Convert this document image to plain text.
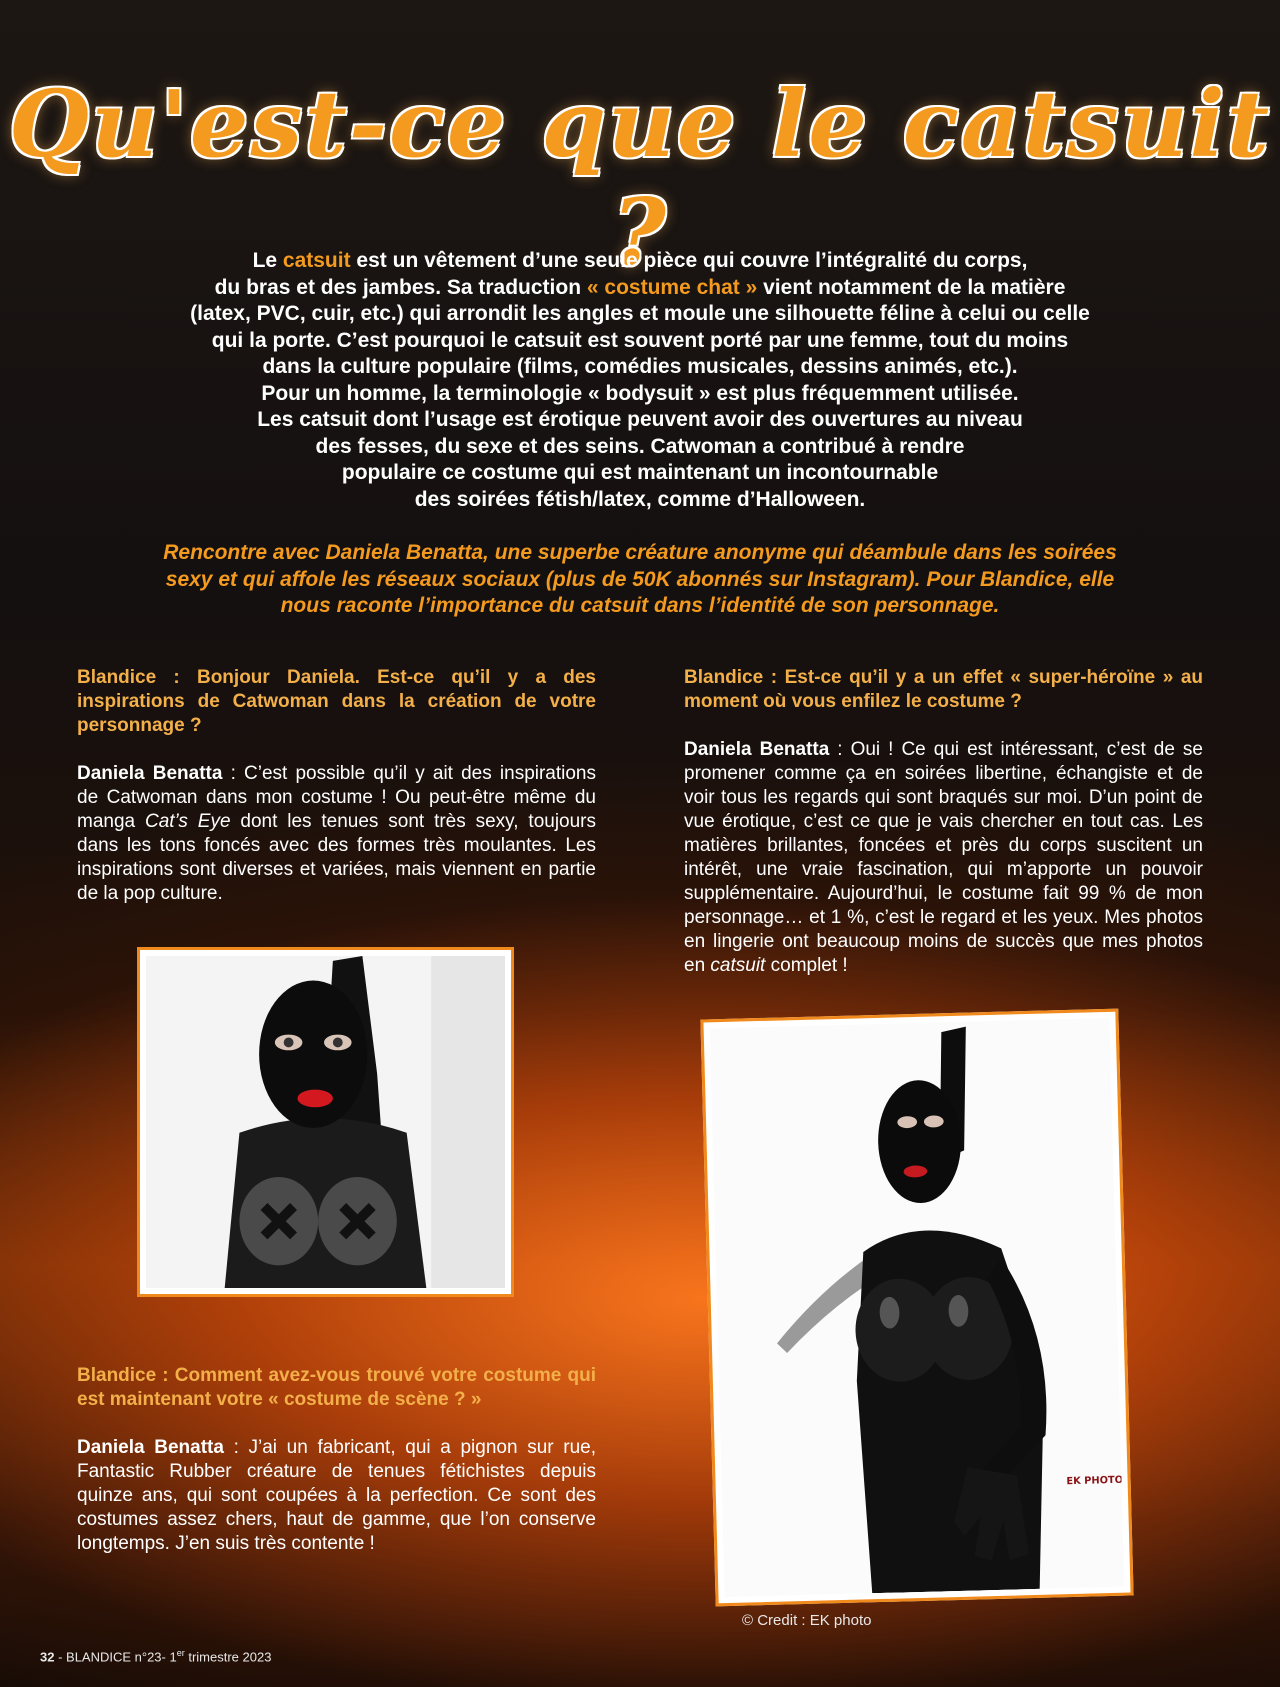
Qu'est-ce que le catsuit ?

Le catsuit est un vêtement d’une seule pièce qui couvre l’intégralité du corps,

du bras et des jambes. Sa traduction « costume chat » vient notamment de la matière

(latex, PVC, cuir, etc.) qui arrondit les angles et moule une silhouette féline à celui ou celle

qui la porte. C’est pourquoi le catsuit est souvent porté par une femme, tout du moins

dans la culture populaire (films, comédies musicales, dessins animés, etc.).

Pour un homme, la terminologie « bodysuit » est plus fréquemment utilisée.

Les catsuit dont l’usage est érotique peuvent avoir des ouvertures au niveau

des fesses, du sexe et des seins. Catwoman a contribué à rendre

populaire ce costume qui est maintenant un incontournable

des soirées fétish/latex, comme d’Halloween.

Rencontre avec Daniela Benatta, une superbe créature anonyme qui déambule dans les soirées
sexy et qui affole les réseaux sociaux (plus de 50K abonnés sur Instagram). Pour Blandice, elle
nous raconte l’importance du catsuit dans l’identité de son personnage.

Blandice : Bonjour Daniela. Est-ce qu’il y a des inspirations de Catwoman dans la création de votre personnage ?

Daniela Benatta : C’est possible qu’il y ait des inspirations de Catwoman dans mon costume ! Ou peut-être même du manga Cat’s Eye dont les tenues sont très sexy, toujours dans les tons foncés avec des formes très moulantes. Les inspirations sont diverses et variées, mais viennent en partie de la pop culture.

Blandice : Comment avez-vous trouvé votre costume qui est maintenant votre « costume de scène ? »

Daniela Benatta : J’ai un fabricant, qui a pignon sur rue, Fantastic Rubber créature de tenues fétichistes depuis quinze ans, qui sont coupées à la perfection. Ce sont des costumes assez chers, haut de gamme, que l’on conserve longtemps. J’en suis très contente !

Blandice : Est-ce qu’il y a un effet « super-héroïne » au moment où vous enfilez le costume ?

Daniela Benatta : Oui ! Ce qui est intéressant, c’est de se promener comme ça en soirées libertine, échangiste et de voir tous les regards qui sont braqués sur moi. D’un point de vue érotique, c’est ce que je vais chercher en tout cas. Les matières brillantes, foncées et près du corps suscitent un intérêt, une vraie fascination, qui m’apporte un pouvoir supplémentaire. Aujourd’hui, le costume fait 99 % de mon personnage… et 1 %, c’est le regard et les yeux. Mes photos en lingerie ont beaucoup moins de succès que mes photos en catsuit complet !

EK PHOTO
© Credit : EK photo
32 - BLANDICE n°23- 1er trimestre 2023
